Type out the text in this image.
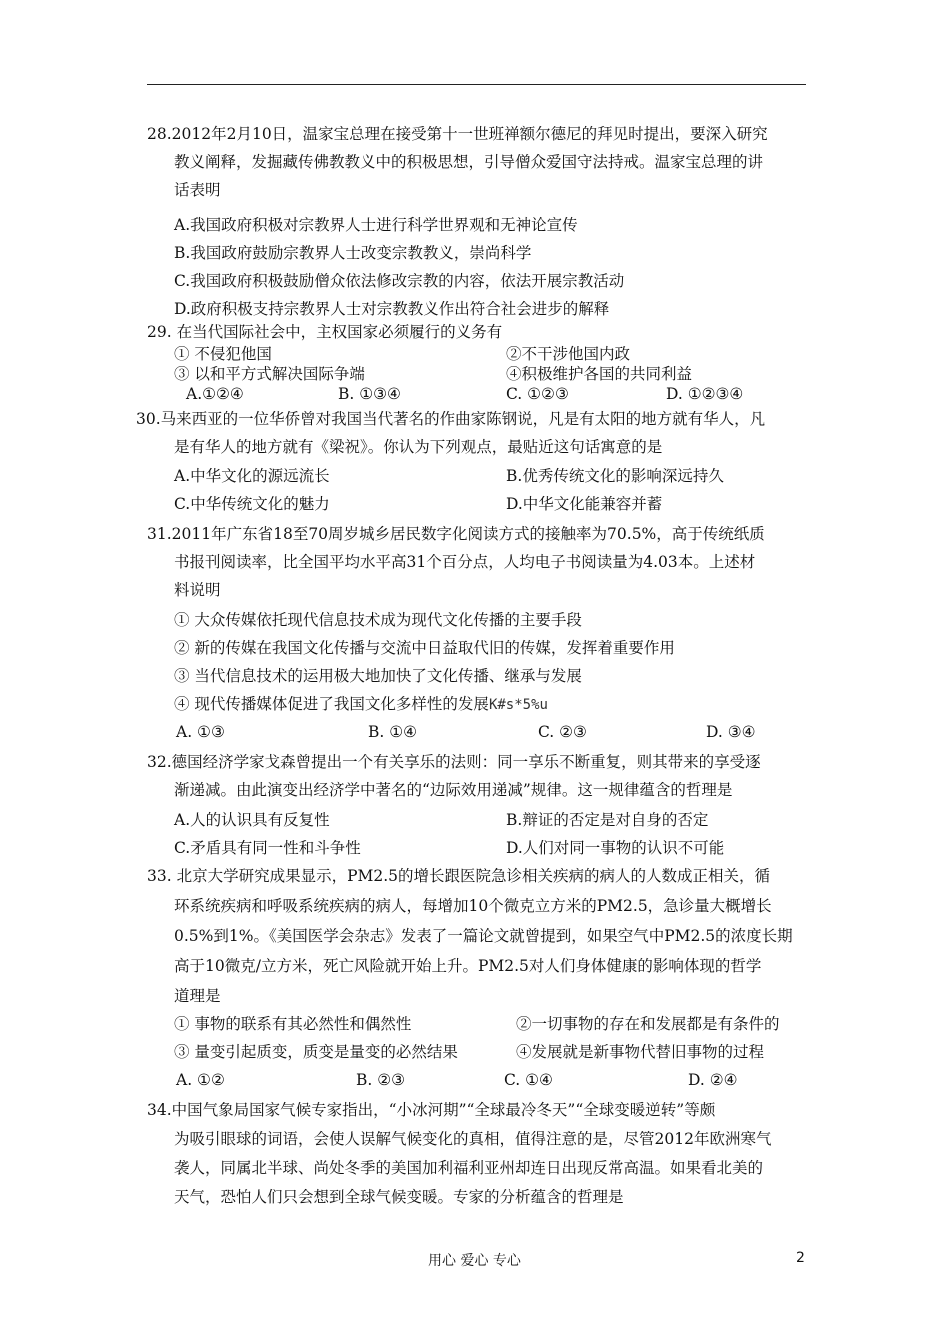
28.2012年2月10日，温家宝总理在接受第十一世班禅额尔德尼的拜见时提出，要深入研究
教义阐释，发掘藏传佛教教义中的积极思想，引导僧众爱国守法持戒。温家宝总理的讲
话表明
A.我国政府积极对宗教界人士进行科学世界观和无神论宣传
B.我国政府鼓励宗教界人士改变宗教教义，崇尚科学
C.我国政府积极鼓励僧众依法修改宗教的内容，依法开展宗教活动
D.政府积极支持宗教界人士对宗教教义作出符合社会进步的解释
29. 在当代国际社会中，主权国家必须履行的义务有
① 不侵犯他国	②不干涉他国内政
③ 以和平方式解决国际争端	④积极维护各国的共同利益
A.①②④	B. ①③④	C. ①②③	D. ①②③④
30.马来西亚的一位华侨曾对我国当代著名的作曲家陈钢说，凡是有太阳的地方就有华人，凡
是有华人的地方就有《梁祝》。你认为下列观点，最贴近这句话寓意的是
A.中华文化的源远流长	B.优秀传统文化的影响深远持久
C.中华传统文化的魅力	D.中华文化能兼容并蓄
31.2011年广东省18至70周岁城乡居民数字化阅读方式的接触率为70.5%，高于传统纸质
书报刊阅读率，比全国平均水平高31个百分点，人均电子书阅读量为4.03本。上述材
料说明
① 大众传媒依托现代信息技术成为现代文化传播的主要手段
② 新的传媒在我国文化传播与交流中日益取代旧的传媒，发挥着重要作用
③ 当代信息技术的运用极大地加快了文化传播、继承与发展
④ 现代传播媒体促进了我国文化多样性的发展K#s*5%u
A. ①③	B. ①④	C. ②③	D. ③④
32.德国经济学家戈森曾提出一个有关享乐的法则：同一享乐不断重复，则其带来的享受逐
渐递减。由此演变出经济学中著名的“边际效用递减”规律。这一规律蕴含的哲理是
A.人的认识具有反复性	B.辩证的否定是对自身的否定
C.矛盾具有同一性和斗争性	D.人们对同一事物的认识不可能
33. 北京大学研究成果显示，PM2.5的增长跟医院急诊相关疾病的病人的人数成正相关，循
环系统疾病和呼吸系统疾病的病人，每增加10个微克立方米的PM2.5，急诊量大概增长
0.5%到1%。《美国医学会杂志》发表了一篇论文就曾提到，如果空气中PM2.5的浓度长期
高于10微克/立方米，死亡风险就开始上升。PM2.5对人们身体健康的影响体现的哲学
道理是
① 事物的联系有其必然性和偶然性	②一切事物的存在和发展都是有条件的
③ 量变引起质变，质变是量变的必然结果	④发展就是新事物代替旧事物的过程
A. ①②	B. ②③	C. ①④	D. ②④
34.中国气象局国家气候专家指出，“小冰河期”“全球最冷冬天”“全球变暖逆转”等颇
为吸引眼球的词语，会使人误解气候变化的真相，值得注意的是，尽管2012年欧洲寒气
袭人，同属北半球、尚处冬季的美国加利福利亚州却连日出现反常高温。如果看北美的
天气，恐怕人们只会想到全球气候变暖。专家的分析蕴含的哲理是
用心 爱心 专心	2
